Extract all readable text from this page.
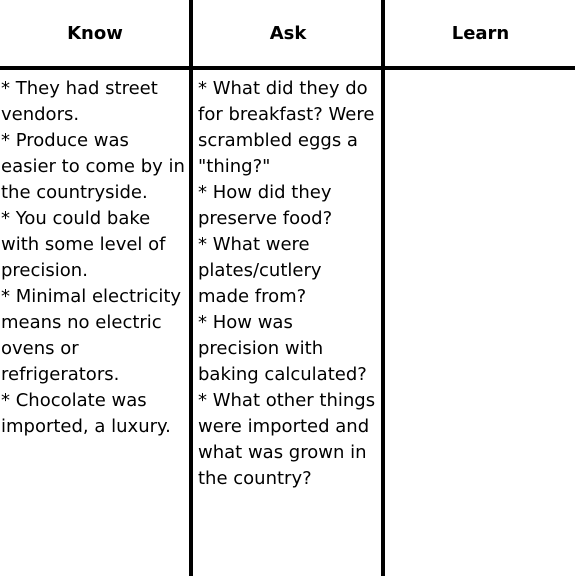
Know	Ask	Learn
* They had street vendors.
* Produce was easier to come by in the countryside.
* You could bake with some level of precision.
* Minimal electricity means no electric ovens or refrigerators.
* Chocolate was imported, a luxury.
* What did they do for breakfast? Were scrambled eggs a "thing?"
* How did they preserve food?
* What were plates/cutlery made from?
* How was precision with baking calculated?
* What other things were imported and what was grown in the country?
